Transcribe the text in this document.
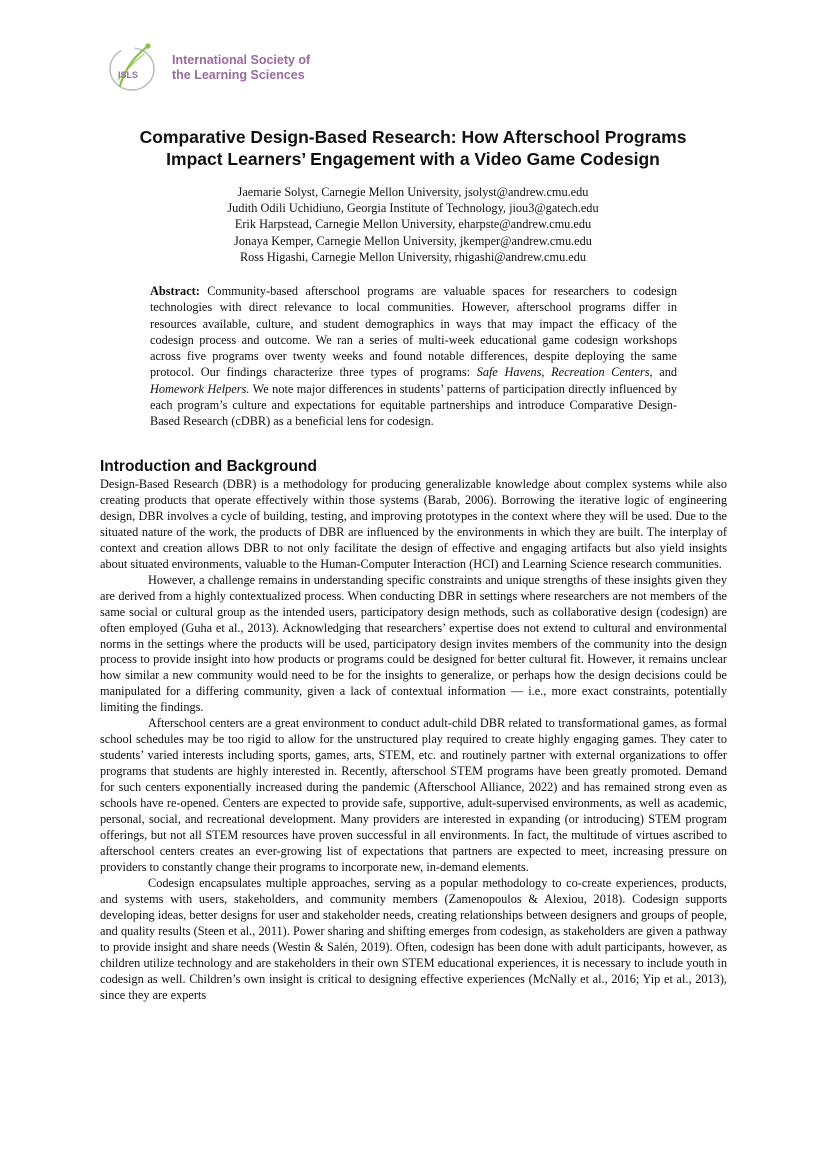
ISLS
International Society of
the Learning Sciences
Comparative Design-Based Research: How Afterschool Programs
Impact Learners’ Engagement with a Video Game Codesign
Jaemarie Solyst, Carnegie Mellon University, jsolyst@andrew.cmu.edu
Judith Odili Uchidiuno, Georgia Institute of Technology, jiou3@gatech.edu
Erik Harpstead, Carnegie Mellon University, eharpste@andrew.cmu.edu
Jonaya Kemper, Carnegie Mellon University, jkemper@andrew.cmu.edu
Ross Higashi, Carnegie Mellon University, rhigashi@andrew.cmu.edu

Abstract: Community-based afterschool programs are valuable spaces for researchers to codesign technologies with direct relevance to local communities. However, afterschool programs differ in resources available, culture, and student demographics in ways that may impact the efficacy of the codesign process and outcome. We ran a series of multi-week educational game codesign workshops across five programs over twenty weeks and found notable differences, despite deploying the same protocol. Our findings characterize three types of programs: Safe Havens, Recreation Centers, and Homework Helpers. We note major differences in students’ patterns of participation directly influenced by each program’s culture and expectations for equitable partnerships and introduce Comparative Design-Based Research (cDBR) as a beneficial lens for codesign.

Introduction and Background

Design-Based Research (DBR) is a methodology for producing generalizable knowledge about complex systems while also creating products that operate effectively within those systems (Barab, 2006). Borrowing the iterative logic of engineering design, DBR involves a cycle of building, testing, and improving prototypes in the context where they will be used. Due to the situated nature of the work, the products of DBR are influenced by the environments in which they are built. The interplay of context and creation allows DBR to not only facilitate the design of effective and engaging artifacts but also yield insights about situated environments, valuable to the Human-Computer Interaction (HCI) and Learning Science research communities.

However, a challenge remains in understanding specific constraints and unique strengths of these insights given they are derived from a highly contextualized process. When conducting DBR in settings where researchers are not members of the same social or cultural group as the intended users, participatory design methods, such as collaborative design (codesign) are often employed (Guha et al., 2013). Acknowledging that researchers’ expertise does not extend to cultural and environmental norms in the settings where the products will be used, participatory design invites members of the community into the design process to provide insight into how products or programs could be designed for better cultural fit. However, it remains unclear how similar a new community would need to be for the insights to generalize, or perhaps how the design decisions could be manipulated for a differing community, given a lack of contextual information — i.e., more exact constraints, potentially limiting the findings.

Afterschool centers are a great environment to conduct adult-child DBR related to transformational games, as formal school schedules may be too rigid to allow for the unstructured play required to create highly engaging games. They cater to students’ varied interests including sports, games, arts, STEM, etc. and routinely partner with external organizations to offer programs that students are highly interested in. Recently, afterschool STEM programs have been greatly promoted. Demand for such centers exponentially increased during the pandemic (Afterschool Alliance, 2022) and has remained strong even as schools have re-opened. Centers are expected to provide safe, supportive, adult-supervised environments, as well as academic, personal, social, and recreational development. Many providers are interested in expanding (or introducing) STEM program offerings, but not all STEM resources have proven successful in all environments. In fact, the multitude of virtues ascribed to afterschool centers creates an ever-growing list of expectations that partners are expected to meet, increasing pressure on providers to constantly change their programs to incorporate new, in-demand elements.

Codesign encapsulates multiple approaches, serving as a popular methodology to co-create experiences, products, and systems with users, stakeholders, and community members (Zamenopoulos & Alexiou, 2018). Codesign supports developing ideas, better designs for user and stakeholder needs, creating relationships between designers and groups of people, and quality results (Steen et al., 2011). Power sharing and shifting emerges from codesign, as stakeholders are given a pathway to provide insight and share needs (Westin & Salén, 2019). Often, codesign has been done with adult participants, however, as children utilize technology and are stakeholders in their own STEM educational experiences, it is necessary to include youth in codesign as well. Children’s own insight is critical to designing effective experiences (McNally et al., 2016; Yip et al., 2013), since they are experts
